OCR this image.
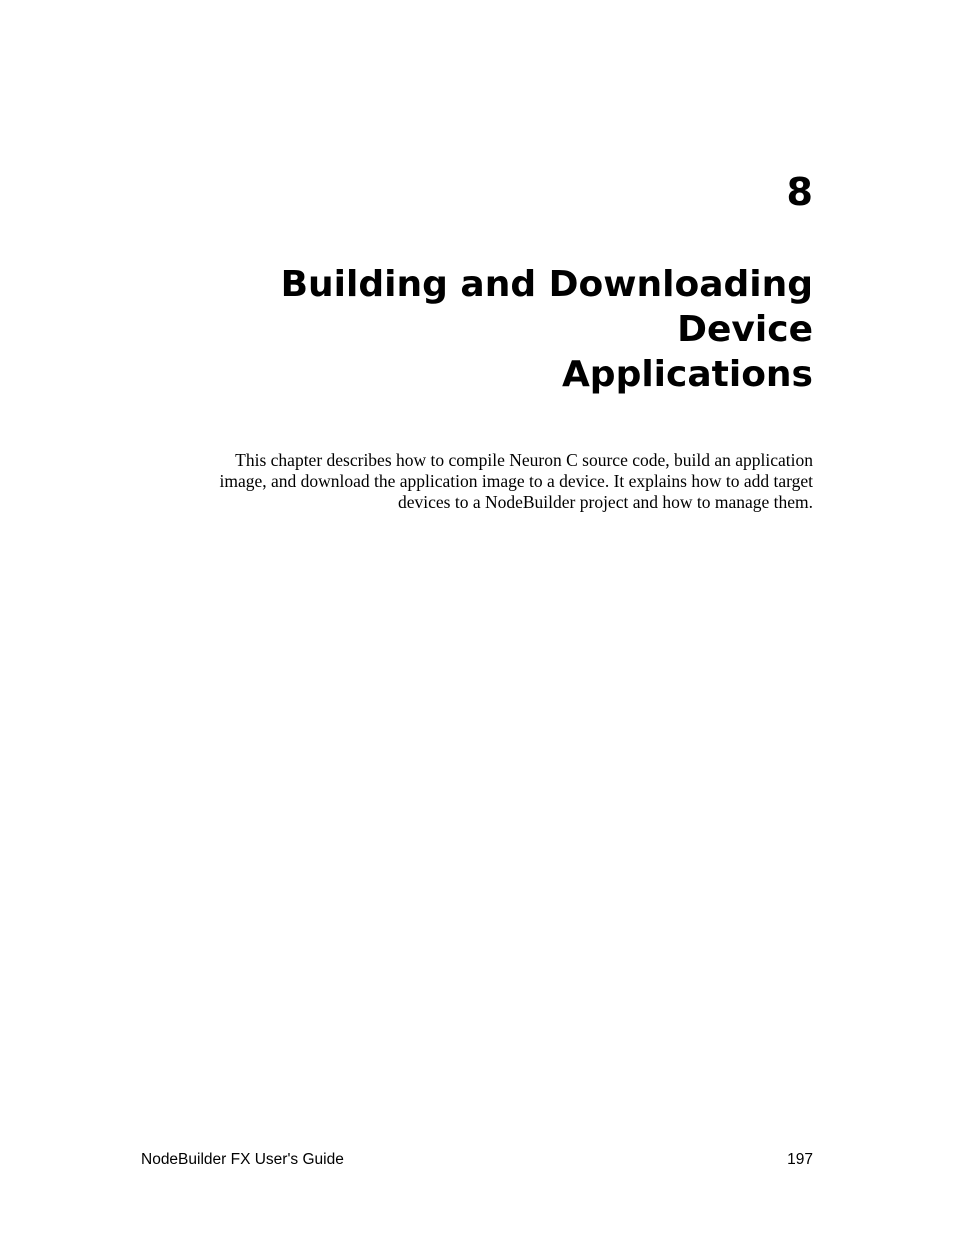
8
Building and Downloading Device
Applications

This chapter describes how to compile Neuron C source code, build an application
image, and download the application image to a device. It explains how to add target
devices to a NodeBuilder project and how to manage them.

NodeBuilder FX User's Guide	197
